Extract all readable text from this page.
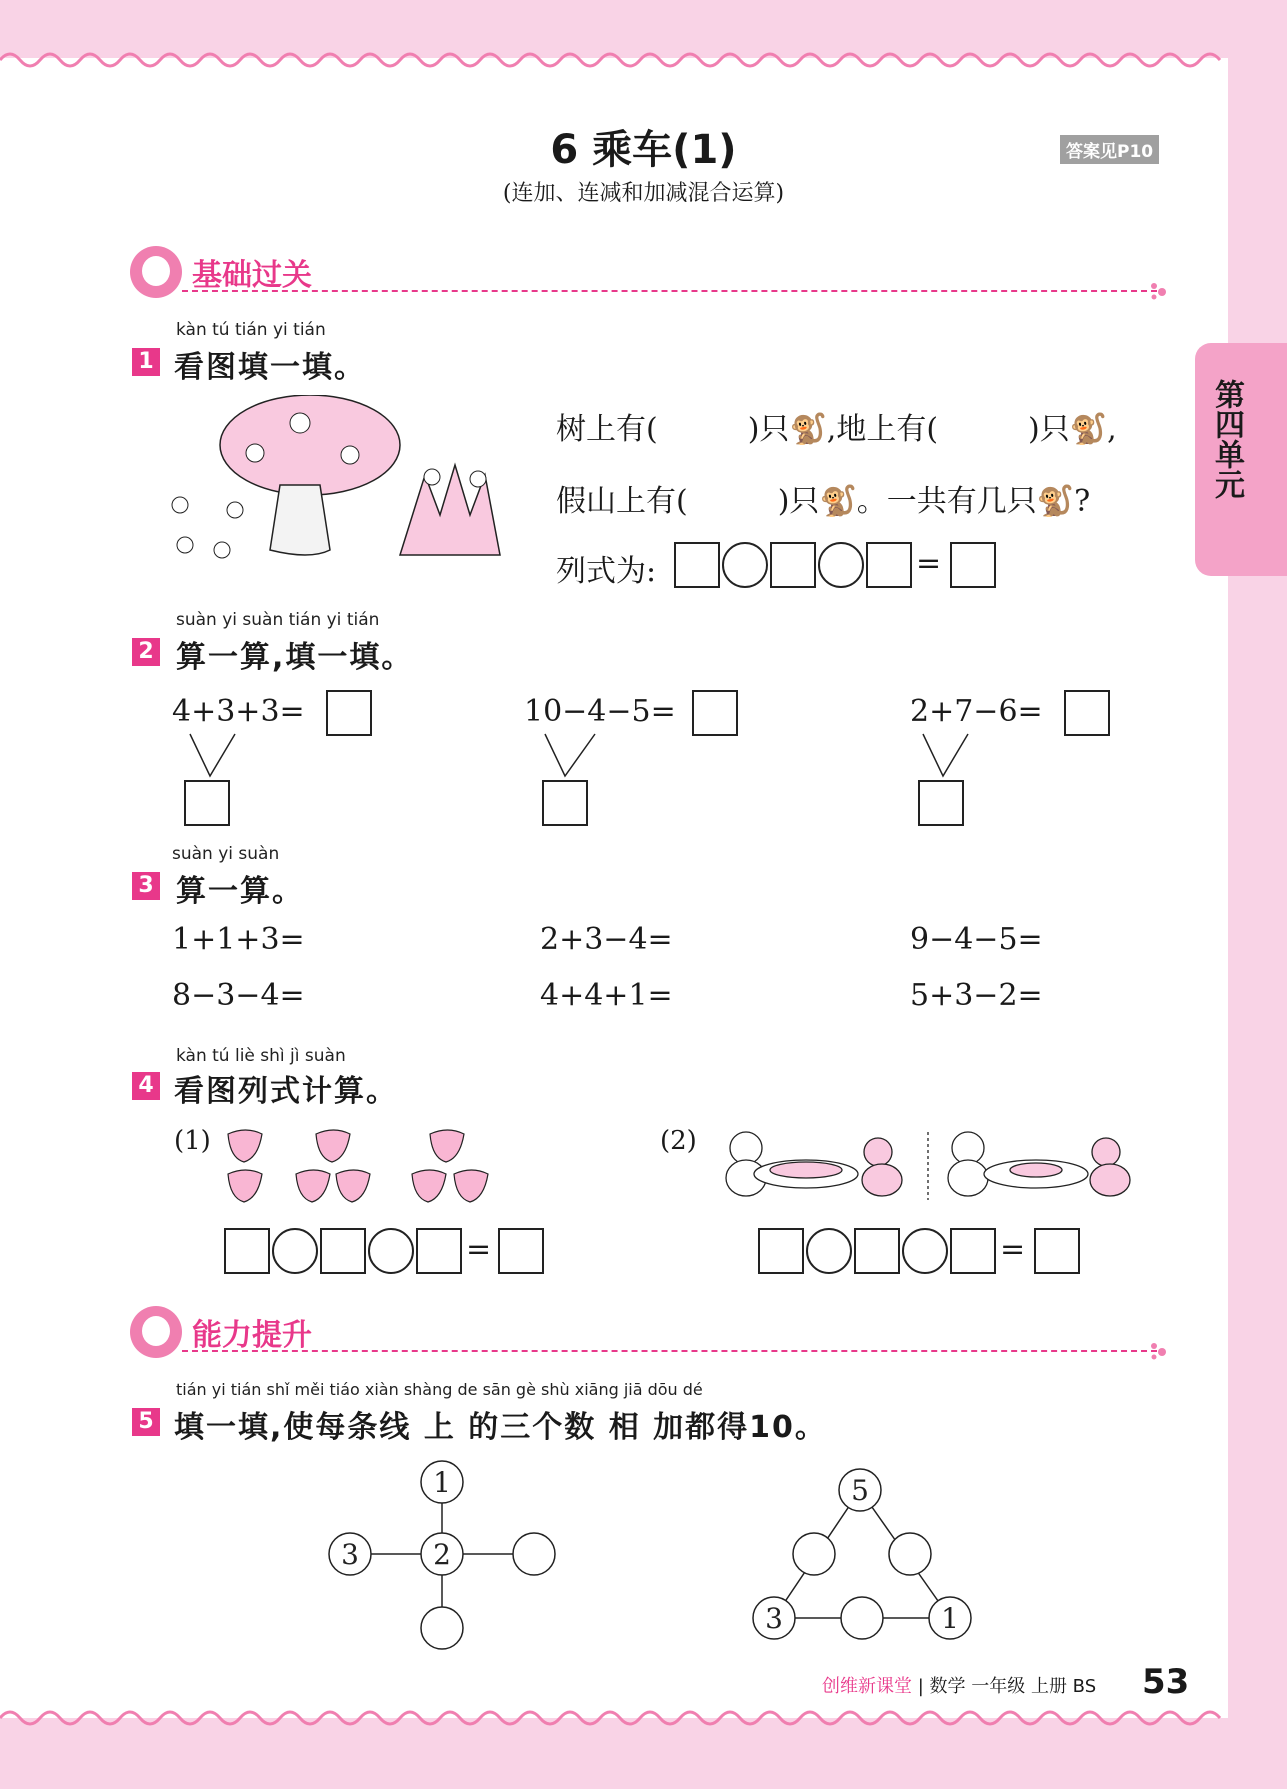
第四单元
6 乘车(1)
(连加、连减和加减混合运算)
答案见P10
基础过关
kàn tú tián yi tián
1 看图填一填。
树上有(	)只🐒,地上有(	)只🐒,
假山上有(	)只🐒。一共有几只🐒?
列式为:	=
suàn yi suàn tián yi tián
2 算一算,填一填。
4+3+3=	10−4−5=	2+7−6=
suàn yi suàn
3 算一算。
1+1+3=	2+3−4=	9−4−5=
8−3−4=	4+4+1=	5+3−2=
kàn tú liè shì jì suàn
4 看图列式计算。
(1)
=
(2)
=
能力提升
tián yi tián shǐ měi tiáo xiàn shàng de sān gè shù xiāng jiā dōu dé
5 填一填,使每条线 上 的三个数 相 加都得10。
1
3	2
5
3	1
创维新课堂 | 数学 一年级 上册 BS 53
